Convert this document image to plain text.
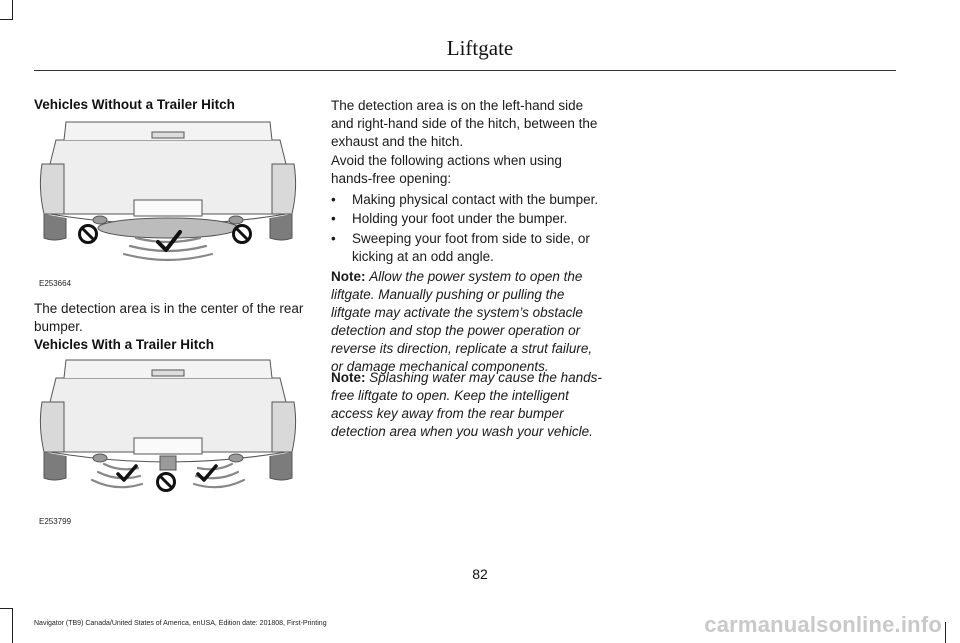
Liftgate
Vehicles Without a Trailer Hitch
E253664

The detection area is in the center of the rear bumper.

Vehicles With a Trailer Hitch
E253799

The detection area is on the left-hand side and right-hand side of the hitch, between the exhaust and the hitch.

Avoid the following actions when using hands-free opening:

• Making physical contact with the bumper.
• Holding your foot under the bumper.
• Sweeping your foot from side to side, or kicking at an odd angle.

Note: Allow the power system to open the liftgate. Manually pushing or pulling the liftgate may activate the system’s obstacle detection and stop the power operation or reverse its direction, replicate a strut failure, or damage mechanical components.

Note: Splashing water may cause the hands-free liftgate to open. Keep the intelligent access key away from the rear bumper detection area when you wash your vehicle.

82
Navigator (TB9) Canada/United States of America, enUSA, Edition date: 201808, First-Printing	carmanualsonline.info
